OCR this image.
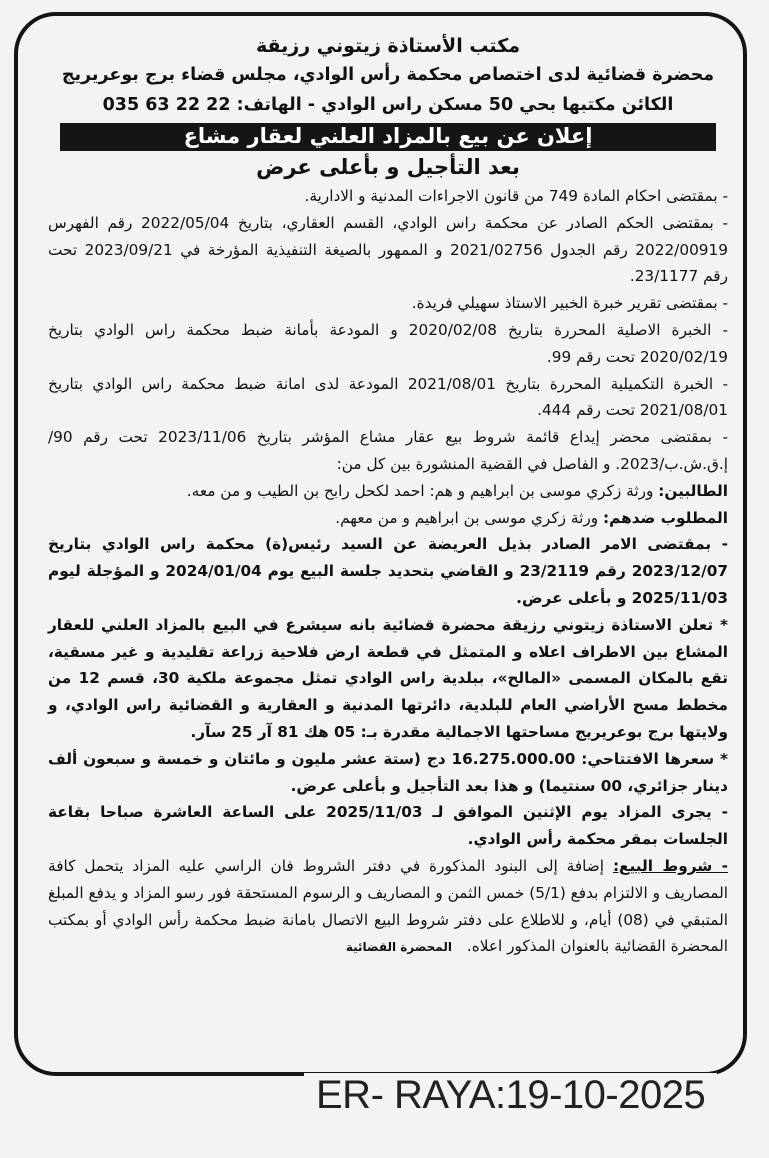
مكتب الأستاذة زيتوني رزيقة
محضرة قضائية لدى اختصاص محكمة رأس الوادي، مجلس قضاء برج بوعريريج
الكائن مكتبها بحي 50 مسكن راس الوادي - الهاتف: 22 22 63 035
إعلان عن بيع بالمزاد العلني لعقار مشاع
بعد التأجيل و بأعلى عرض
- بمقتضى احكام المادة 749 من قانون الاجراءات المدنية و الادارية.
- بمقتضى الحكم الصادر عن محكمة راس الوادي، القسم العقاري، بتاريخ 2022/05/04 رقم الفهرس 2022/00919 رقم الجدول 2021/02756 و الممهور بالصيغة التنفيذية المؤرخة في 2023/09/21 تحت رقم 23/1177.
- بمقتضى تقرير خبرة الخبير الاستاذ سهيلي فريدة.
- الخبرة الاصلية المحررة بتاريخ 2020/02/08 و المودعة بأمانة ضبط محكمة راس الوادي بتاريخ 2020/02/19 تحت رقم 99.
- الخبرة التكميلية المحررة بتاريخ 2021/08/01 المودعة لدى امانة ضبط محكمة راس الوادي بتاريخ 2021/08/01 تحت رقم 444.
- بمقتضى محضر إيداع قائمة شروط بيع عقار مشاع المؤشر بتاريخ 2023/11/06 تحت رقم 90/إ.ق.ش.ب/2023. و الفاصل في القضية المنشورة بين كل من:
الطالبين: ورثة زكري موسى بن ابراهيم و هم: احمد لكحل رابح بن الطيب و من معه.
المطلوب ضدهم: ورثة زكري موسى بن ابراهيم و من معهم.
- بمقتضى الامر الصادر بذيل العريضة عن السيد رئيس(ة) محكمة راس الوادي بتاريخ 2023/12/07 رقم 23/2119 و القاضي بتحديد جلسة البيع يوم 2024/01/04 و المؤجلة ليوم 2025/11/03 و بأعلى عرض.
* تعلن الاستاذة زيتوني رزيقة محضرة قضائية بانه سيشرع في البيع بالمزاد العلني للعقار المشاع بين الاطراف اعلاه و المتمثل في قطعة ارض فلاحية زراعة تقليدية و غير مسقية، تقع بالمكان المسمى «المالح»، ببلدية راس الوادي تمثل مجموعة ملكية 30، قسم 12 من مخطط مسح الأراضي العام للبلدية، دائرتها المدنية و العقارية و القضائية راس الوادي، و ولايتها برج بوعريريج مساحتها الاجمالية مقدرة بـ: 05 هك 81 آر 25 سآر.
* سعرها الافتتاحي: 16.275.000.00 دج (ستة عشر مليون و مائتان و خمسة و سبعون ألف دينار جزائري، 00 سنتيما) و هذا بعد التأجيل و بأعلى عرض.
- يجرى المزاد يوم الإثنين الموافق لـ 2025/11/03 على الساعة العاشرة صباحا بقاعة الجلسات بمقر محكمة رأس الوادي.
- شروط البيع: إضافة إلى البنود المذكورة في دفتر الشروط فان الراسي عليه المزاد يتحمل كافة المصاريف و الالتزام بدفع (5/1) خمس الثمن و المصاريف و الرسوم المستحقة فور رسو المزاد و يدفع المبلغ المتبقي في (08) أيام، و للاطلاع على دفتر شروط البيع الاتصال بامانة ضبط محكمة رأس الوادي أو بمكتب المحضرة القضائية بالعنوان المذكور اعلاه. المحضرة القضائية
ER- RAYA:19-10-2025
